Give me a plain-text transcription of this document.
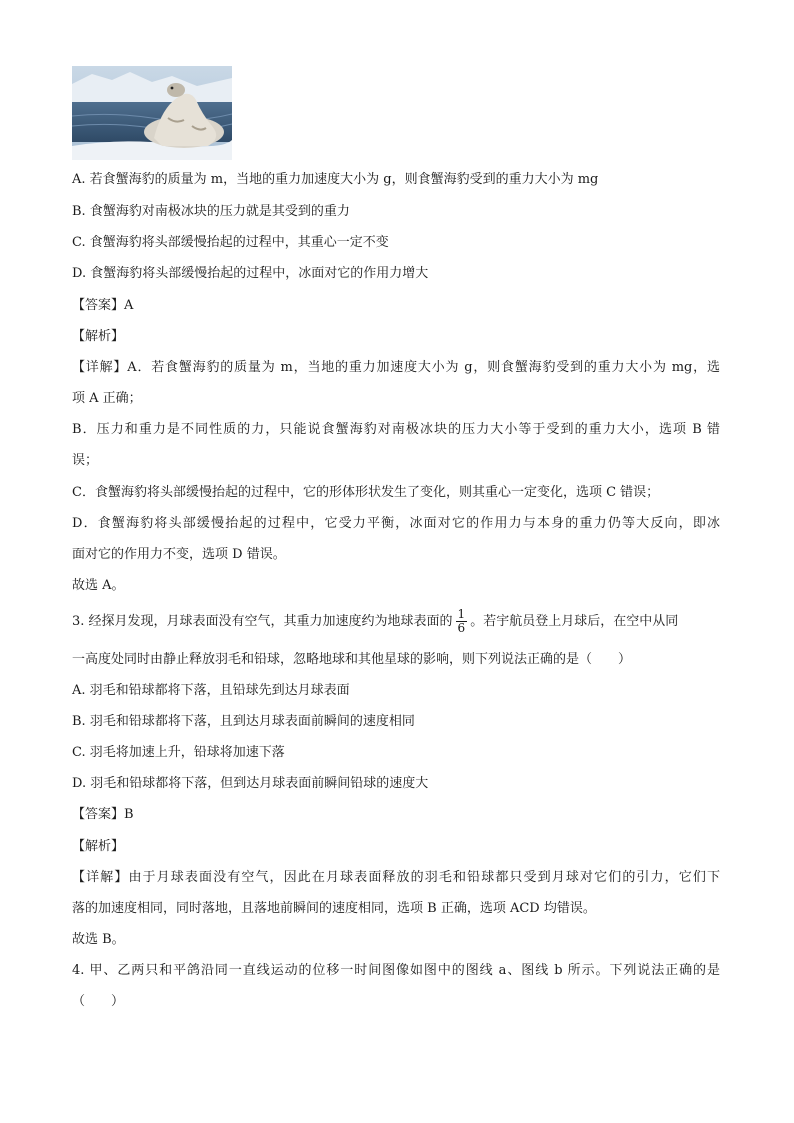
A. 若食蟹海豹的质量为 m，当地的重力加速度大小为 g，则食蟹海豹受到的重力大小为 mg
B. 食蟹海豹对南极冰块的压力就是其受到的重力
C. 食蟹海豹将头部缓慢抬起的过程中，其重心一定不变
D. 食蟹海豹将头部缓慢抬起的过程中，冰面对它的作用力增大
【答案】A
【解析】
【详解】A．若食蟹海豹的质量为 m，当地的重力加速度大小为 g，则食蟹海豹受到的重力大小为 mg，选
项 A 正确；
B．压力和重力是不同性质的力，只能说食蟹海豹对南极冰块的压力大小等于受到的重力大小，选项 B 错
误；
C．食蟹海豹将头部缓慢抬起的过程中，它的形体形状发生了变化，则其重心一定变化，选项 C 错误；
D．食蟹海豹将头部缓慢抬起的过程中，它受力平衡，冰面对它的作用力与本身的重力仍等大反向，即冰
面对它的作用力不变，选项 D 错误。
故选 A。
3. 经探月发现，月球表面没有空气，其重力加速度约为地球表面的 $\frac{1}{6}$ 。若宇航员登上月球后，在空中从同
一高度处同时由静止释放羽毛和铅球，忽略地球和其他星球的影响，则下列说法正确的是（　　）
A. 羽毛和铅球都将下落，且铅球先到达月球表面
B. 羽毛和铅球都将下落，且到达月球表面前瞬间的速度相同
C. 羽毛将加速上升，铅球将加速下落
D. 羽毛和铅球都将下落，但到达月球表面前瞬间铅球的速度大
【答案】B
【解析】
【详解】由于月球表面没有空气，因此在月球表面释放的羽毛和铅球都只受到月球对它们的引力，它们下
落的加速度相同，同时落地，且落地前瞬间的速度相同，选项 B 正确，选项 ACD 均错误。
故选 B。
4. 甲、乙两只和平鸽沿同一直线运动的位移一时间图像如图中的图线 a、图线 b 所示。下列说法正确的是
（　　）
